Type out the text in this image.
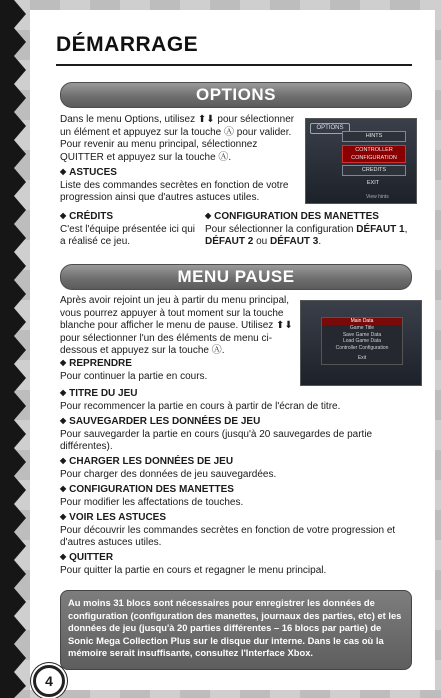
DÉMARRAGE
OPTIONS

Dans le menu Options, utilisez ⬆⬇ pour sélectionner un élément et appuyez sur la touche Ⓐ pour valider. Pour revenir au menu principal, sélectionnez QUITTER et appuyez sur la touche Ⓐ.

◆ ASTUCES
Liste des commandes secrètes en fonction de votre progression ainsi que d'autres astuces utiles.
◆ CRÉDITS
C'est l'équipe présentée ici qui a réalisé ce jeu.
◆ CONFIGURATION DES MANETTES
Pour sélectionner la configuration DÉFAUT 1, DÉFAUT 2 ou DÉFAUT 3.
OPTIONS
HINTS
CONTROLLER CONFIGURATION
CREDITS
EXIT
View hints
MENU PAUSE

Après avoir rejoint un jeu à partir du menu principal, vous pourrez appuyer à tout moment sur la touche blanche pour afficher le menu de pause. Utilisez ⬆⬇ pour sélectionner l'un des éléments de menu ci-dessous et appuyez sur la touche Ⓐ.

Main Data
Game Title
Save Game Data
Load Game Data
Controller Configuration
Exit
◆ REPRENDRE
Pour continuer la partie en cours.
◆ TITRE DU JEU
Pour recommencer la partie en cours à partir de l'écran de titre.
◆ SAUVEGARDER LES DONNÉES DE JEU
Pour sauvegarder la partie en cours (jusqu'à 20 sauvegardes de partie différentes).
◆ CHARGER LES DONNÉES DE JEU
Pour charger des données de jeu sauvegardées.
◆ CONFIGURATION DES MANETTES
Pour modifier les affectations de touches.
◆ VOIR LES ASTUCES
Pour découvrir les commandes secrètes en fonction de votre progression et d'autres astuces utiles.
◆ QUITTER
Pour quitter la partie en cours et regagner le menu principal.

Au moins 31 blocs sont nécessaires pour enregistrer les données de configuration (configuration des manettes, journaux des parties, etc) et les données de jeu (jusqu'à 20 parties différentes – 16 blocs par partie) de Sonic Mega Collection Plus sur le disque dur interne. Dans le cas où la mémoire serait insuffisante, consultez l'Interface Xbox.

4
